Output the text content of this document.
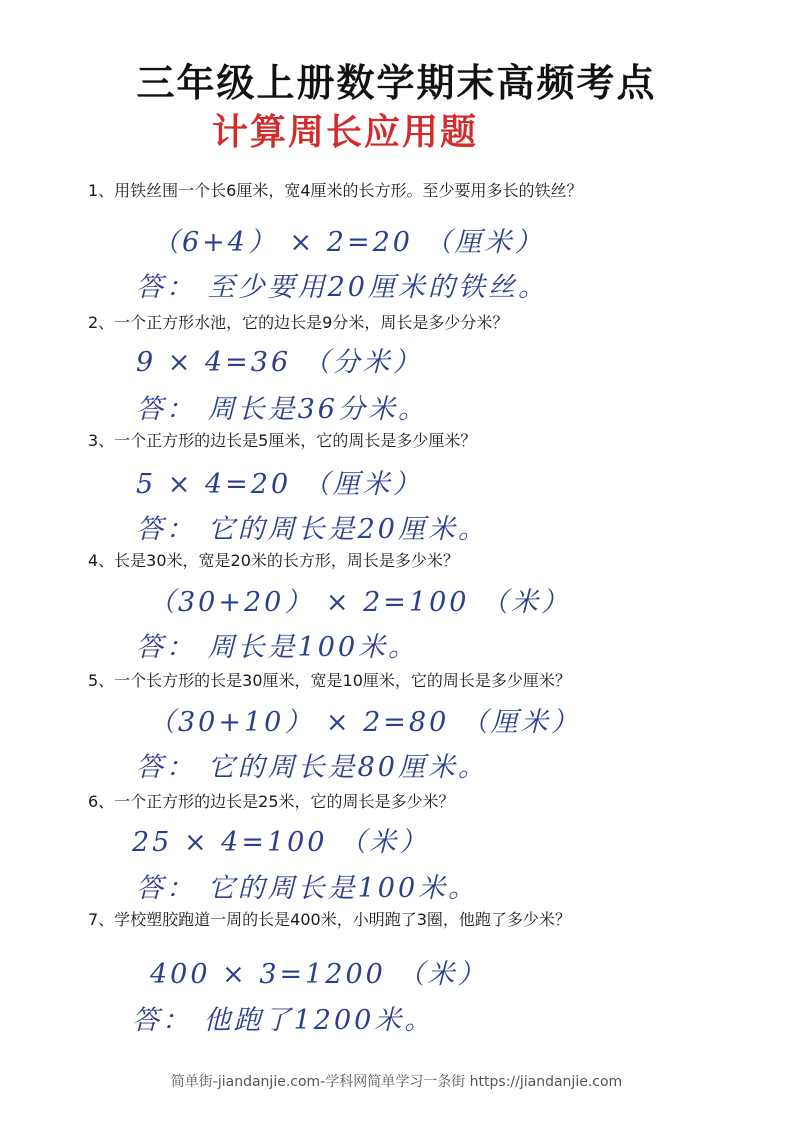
三年级上册数学期末高频考点
计算周长应用题
1、用铁丝围一个长6厘米，宽4厘米的长方形。至少要用多长的铁丝？
（6+4） × 2=20 （厘米）
答： 至少要用20厘米的铁丝。
2、一个正方形水池，它的边长是9分米，周长是多少分米？
9 × 4=36 （分米）
答： 周长是36分米。
3、一个正方形的边长是5厘米，它的周长是多少厘米？
5 × 4=20 （厘米）
答： 它的周长是20厘米。
4、长是30米，宽是20米的长方形，周长是多少米？
（30+20） × 2=100 （米）
答： 周长是100米。
5、一个长方形的长是30厘米，宽是10厘米，它的周长是多少厘米？
（30+10） × 2=80 （厘米）
答： 它的周长是80厘米。
6、一个正方形的边长是25米，它的周长是多少米？
25 × 4=100 （米）
答： 它的周长是100米。
7、学校塑胶跑道一周的长是400米，小明跑了3圈，他跑了多少米？
400 × 3=1200 （米）
答： 他跑了1200米。
简单街-jiandanjie.com-学科网简单学习一条街 https://jiandanjie.com
